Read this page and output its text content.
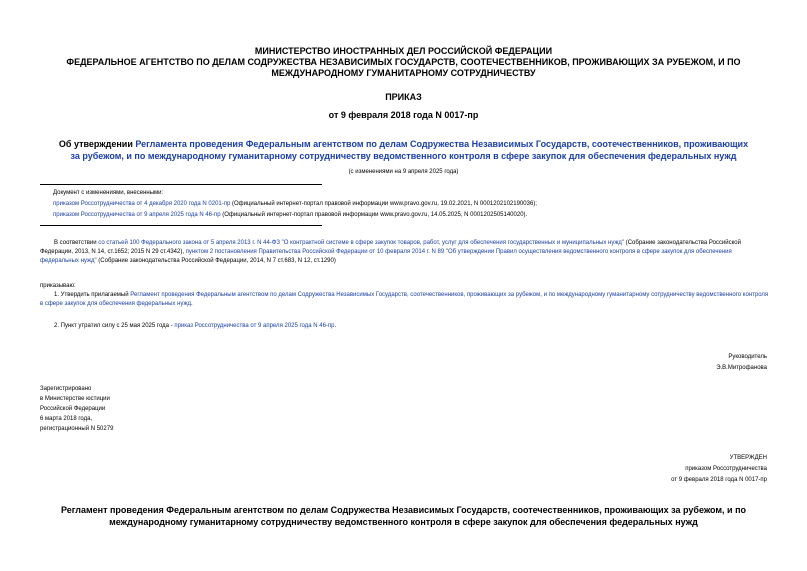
МИНИСТЕРСТВО ИНОСТРАННЫХ ДЕЛ РОССИЙСКОЙ ФЕДЕРАЦИИ
ФЕДЕРАЛЬНОЕ АГЕНТСТВО ПО ДЕЛАМ СОДРУЖЕСТВА НЕЗАВИСИМЫХ ГОСУДАРСТВ, СООТЕЧЕСТВЕННИКОВ, ПРОЖИВАЮЩИХ ЗА РУБЕЖОМ, И ПО
МЕЖДУНАРОДНОМУ ГУМАНИТАРНОМУ СОТРУДНИЧЕСТВУ
ПРИКАЗ
от 9 февраля 2018 года N 0017-пр
Об утверждении Регламента проведения Федеральным агентством по делам Содружества Независимых Государств, соотечественников, проживающих за рубежом, и по международному гуманитарному сотрудничеству ведомственного контроля в сфере закупок для обеспечения федеральных нужд
(с изменениями на 9 апреля 2025 года)
Документ с изменениями, внесенными:
приказом Россотрудничества от 4 декабря 2020 года N 0201-пр (Официальный интернет-портал правовой информации www.pravo.gov.ru, 19.02.2021, N 0001202102190036);
приказом Россотрудничества от 9 апреля 2025 года N 46-пр (Официальный интернет-портал правовой информации www.pravo.gov.ru, 14.05.2025, N 0001202505140020).
В соответствии со статьей 100 Федерального закона от 5 апреля 2013 г. N 44-ФЗ "О контрактной системе в сфере закупок товаров, работ, услуг для обеспечения государственных и муниципальных нужд" (Собрание законодательства Российской Федерации, 2013, N 14, ст.1652; 2015 N 29 ст.4342), пунктом 2 постановления Правительства Российской Федерации от 10 февраля 2014 г. N 89 "Об утверждении Правил осуществления ведомственного контроля в сфере закупок для обеспечения федеральных нужд" (Собрание законодательства Российской Федерации, 2014, N 7 ст.683, N 12, ст.1290)
приказываю:
1. Утвердить прилагаемый Регламент проведения Федеральным агентством по делам Содружества Независимых Государств, соотечественников, проживающих за рубежом, и по международному гуманитарному сотрудничеству ведомственного контроля в сфере закупок для обеспечения федеральных нужд.
2. Пункт утратил силу с 25 мая 2025 года - приказ Россотрудничества от 9 апреля 2025 года N 46-пр.
Руководитель
Э.В.Митрофанова
Зарегистрировано
в Министерстве юстиции
Российской Федерации
6 марта 2018 года,
регистрационный N 50279
УТВЕРЖДЕН
приказом Россотрудничества
от 9 февраля 2018 года N 0017-пр
Регламент проведения Федеральным агентством по делам Содружества Независимых Государств, соотечественников, проживающих за рубежом, и по международному гуманитарному сотрудничеству ведомственного контроля в сфере закупок для обеспечения федеральных нужд
